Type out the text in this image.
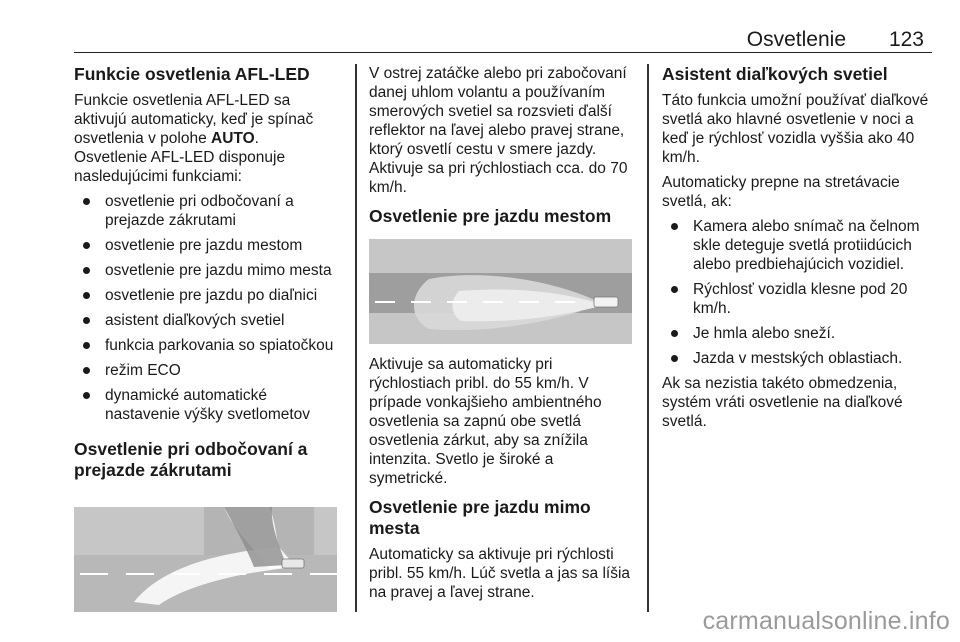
Osvetlenie 123
Funkcie osvetlenia AFL-LED

Funkcie osvetlenia AFL-LED sa aktivujú automaticky, keď je spínač osvetlenia v polohe AUTO.

Osvetlenie AFL-LED disponuje nasledujúcimi funkciami:

osvetlenie pri odbočovaní a prejazde zákrutami
osvetlenie pre jazdu mestom
osvetlenie pre jazdu mimo mesta
osvetlenie pre jazdu po diaľnici
asistent diaľkových svetiel
funkcia parkovania so spiatočkou
režim ECO
dynamické automatické nastavenie výšky svetlometov
Osvetlenie pri odbočovaní a prejazde zákrutami

V ostrej zatáčke alebo pri zabočovaní danej uhlom volantu a používaním smerových svetiel sa rozsvieti ďalší reflektor na ľavej alebo pravej strane, ktorý osvetlí cestu v smere jazdy. Aktivuje sa pri rýchlostiach cca. do 70 km/h.

Osvetlenie pre jazdu mestom

Aktivuje sa automaticky pri rýchlostiach pribl. do 55 km/h. V prípade vonkajšieho ambientného osvetlenia sa zapnú obe svetlá osvetlenia zárkut, aby sa znížila intenzita. Svetlo je široké a symetrické.

Osvetlenie pre jazdu mimo mesta

Automaticky sa aktivuje pri rýchlosti pribl. 55 km/h. Lúč svetla a jas sa líšia na pravej a ľavej strane.

Asistent diaľkových svetiel

Táto funkcia umožní používať diaľkové svetlá ako hlavné osvetlenie v noci a keď je rýchlosť vozidla vyššia ako 40 km/h.

Automaticky prepne na stretávacie svetlá, ak:

Kamera alebo snímač na čelnom skle deteguje svetlá protiidúcich alebo predbiehajúcich vozidiel.
Rýchlosť vozidla klesne pod 20 km/h.
Je hmla alebo sneží.
Jazda v mestských oblastiach.

Ak sa nezistia takéto obmedzenia, systém vráti osvetlenie na diaľkové svetlá.

carmanualsonline.info
